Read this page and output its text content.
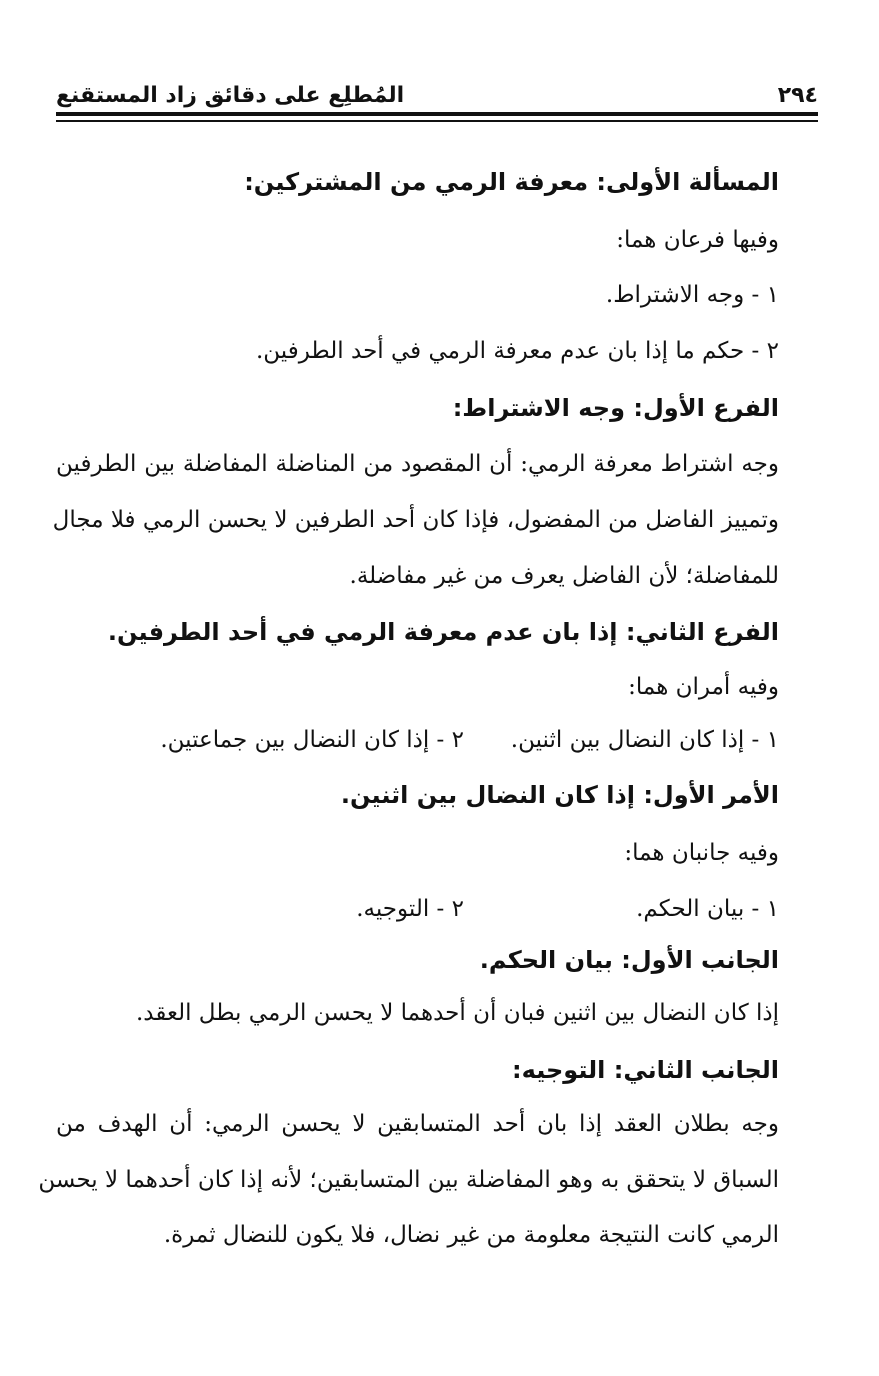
٢٩٤
المُطلِع على دقائق زاد المستقنع
المسألة الأولى: معرفة الرمي من المشتركين:
وفيها فرعان هما:
١ - وجه الاشتراط.
٢ - حكم ما إذا بان عدم معرفة الرمي في أحد الطرفين.
الفرع الأول: وجه الاشتراط:
وجه اشتراط معرفة الرمي: أن المقصود من المناضلة المفاضلة بين الطرفين
وتمييز الفاضل من المفضول، فإذا كان أحد الطرفين لا يحسن الرمي فلا مجال
للمفاضلة؛ لأن الفاضل يعرف من غير مفاضلة.
الفرع الثاني: إذا بان عدم معرفة الرمي في أحد الطرفين.
وفيه أمران هما:
١ - إذا كان النضال بين اثنين.
٢ - إذا كان النضال بين جماعتين.
الأمر الأول: إذا كان النضال بين اثنين.
وفيه جانبان هما:
١ - بيان الحكم.
٢ - التوجيه.
الجانب الأول: بيان الحكم.
إذا كان النضال بين اثنين فبان أن أحدهما لا يحسن الرمي بطل العقد.
الجانب الثاني: التوجيه:
وجه بطلان العقد إذا بان أحد المتسابقين لا يحسن الرمي: أن الهدف من
السباق لا يتحقق به وهو المفاضلة بين المتسابقين؛ لأنه إذا كان أحدهما لا يحسن
الرمي كانت النتيجة معلومة من غير نضال، فلا يكون للنضال ثمرة.
